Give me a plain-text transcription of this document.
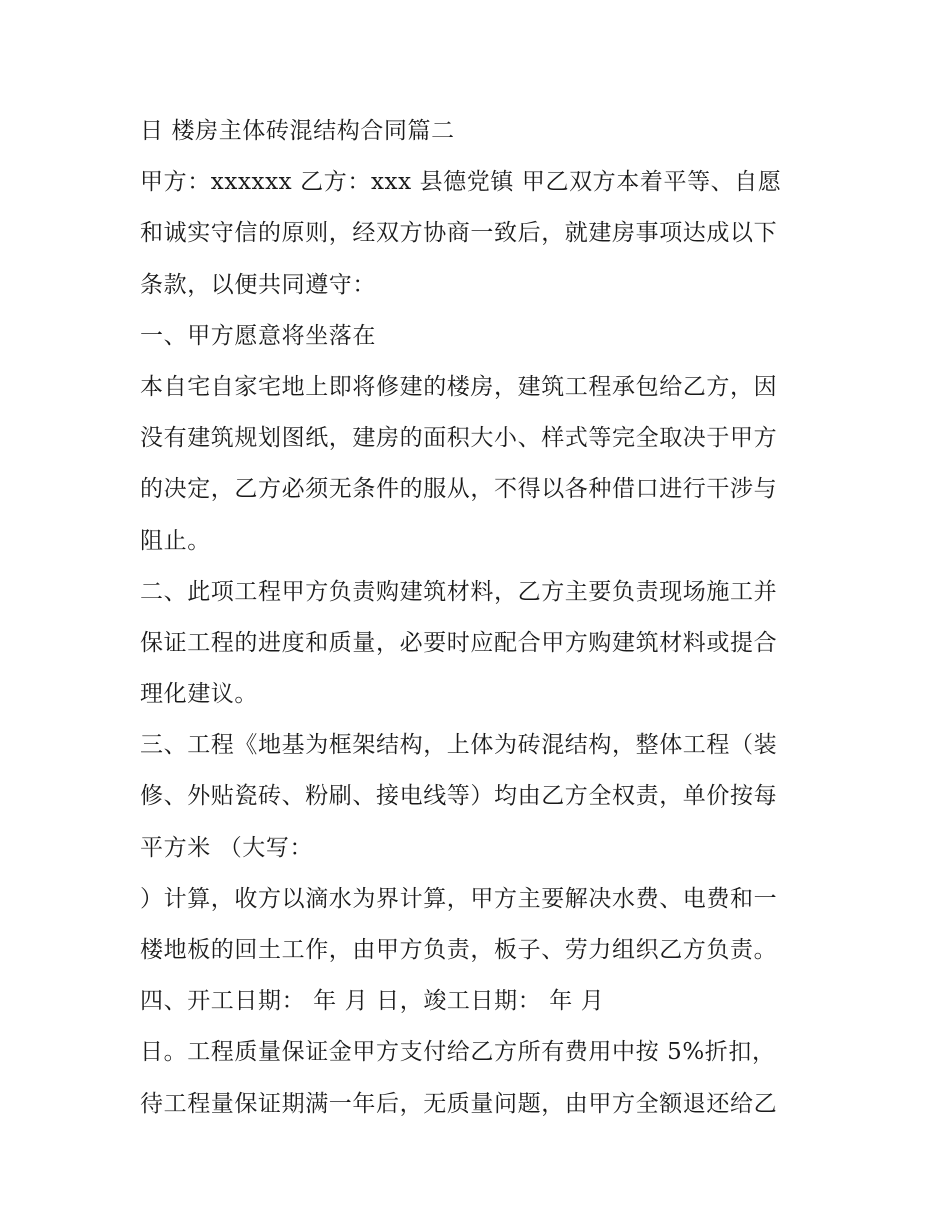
日 楼房主体砖混结构合同篇二
甲方：xxxxxx 乙方：xxx 县德党镇 甲乙双方本着平等、自愿
和诚实守信的原则，经双方协商一致后，就建房事项达成以下
条款，以便共同遵守：
一、甲方愿意将坐落在
本自宅自家宅地上即将修建的楼房，建筑工程承包给乙方，因
没有建筑规划图纸，建房的面积大小、样式等完全取决于甲方
的决定，乙方必须无条件的服从，不得以各种借口进行干涉与
阻止。
二、此项工程甲方负责购建筑材料，乙方主要负责现场施工并
保证工程的进度和质量，必要时应配合甲方购建筑材料或提合
理化建议。
三、工程《地基为框架结构，上体为砖混结构，整体工程（装
修、外贴瓷砖、粉刷、接电线等）均由乙方全权责，单价按每
平方米 （大写：
）计算，收方以滴水为界计算，甲方主要解决水费、电费和一
楼地板的回土工作，由甲方负责，板子、劳力组织乙方负责。
四、开工日期： 年 月 日，竣工日期： 年 月
日。工程质量保证金甲方支付给乙方所有费用中按 5%折扣，
待工程量保证期满一年后，无质量问题，由甲方全额退还给乙
